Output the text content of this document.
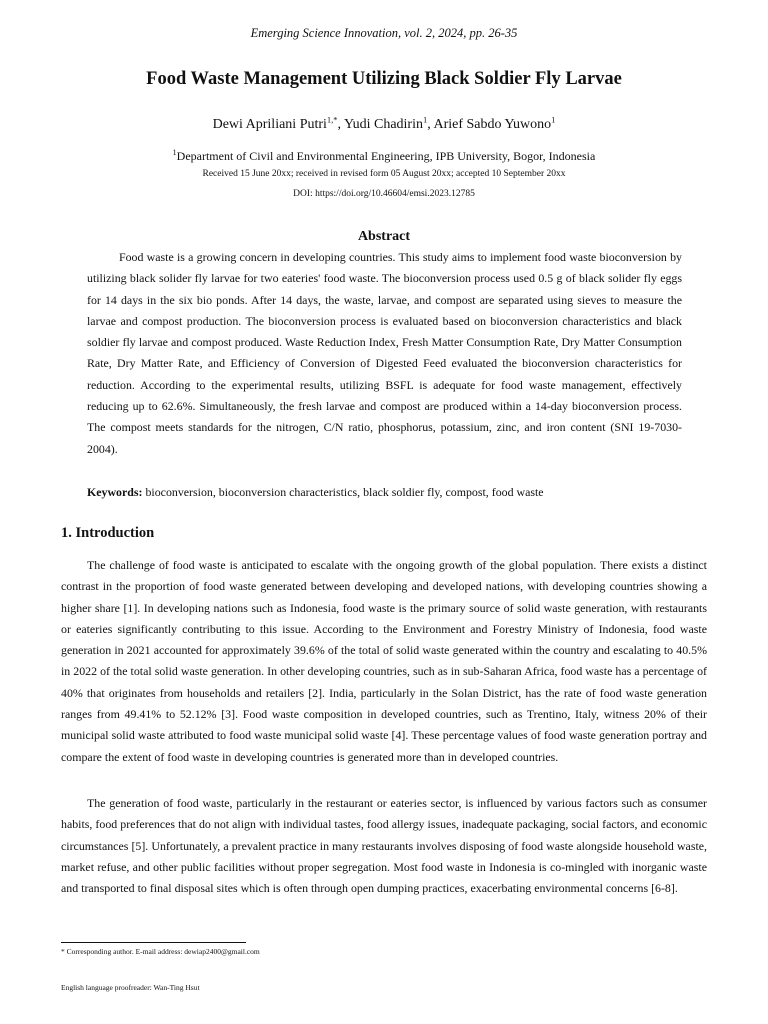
Emerging Science Innovation, vol. 2, 2024, pp. 26-35
Food Waste Management Utilizing Black Soldier Fly Larvae
Dewi Apriliani Putri$^{1,*}$, Yudi Chadirin$^1$, Arief Sabdo Yuwono$^1$
$^1$Department of Civil and Environmental Engineering, IPB University, Bogor, Indonesia
Received 15 June 20xx; received in revised form 05 August 20xx; accepted 10 September 20xx
DOI: https://doi.org/10.46604/emsi.2023.12785
Abstract

Food waste is a growing concern in developing countries. This study aims to implement food waste bioconversion by utilizing black solider fly larvae for two eateries' food waste. The bioconversion process used 0.5 g of black solider fly eggs for 14 days in the six bio ponds. After 14 days, the waste, larvae, and compost are separated using sieves to measure the larvae and compost production. The bioconversion process is evaluated based on bioconversion characteristics and black soldier fly larvae and compost produced. Waste Reduction Index, Fresh Matter Consumption Rate, Dry Matter Consumption Rate, Dry Matter Rate, and Efficiency of Conversion of Digested Feed evaluated the bioconversion characteristics for reduction. According to the experimental results, utilizing BSFL is adequate for food waste management, effectively reducing up to 62.6%. Simultaneously, the fresh larvae and compost are produced within a 14-day bioconversion process. The compost meets standards for the nitrogen, C/N ratio, phosphorus, potassium, zinc, and iron content (SNI 19-7030-2004).

Keywords: bioconversion, bioconversion characteristics, black soldier fly, compost, food waste
1. Introduction

The challenge of food waste is anticipated to escalate with the ongoing growth of the global population. There exists a distinct contrast in the proportion of food waste generated between developing and developed nations, with developing countries showing a higher share [1]. In developing nations such as Indonesia, food waste is the primary source of solid waste generation, with restaurants or eateries significantly contributing to this issue. According to the Environment and Forestry Ministry of Indonesia, food waste generation in 2021 accounted for approximately 39.6% of the total of solid waste generated within the country and escalating to 40.5% in 2022 of the total solid waste generation. In other developing countries, such as in sub-Saharan Africa, food waste has a percentage of 40% that originates from households and retailers [2]. India, particularly in the Solan District, has the rate of food waste generation ranges from 49.41% to 52.12% [3]. Food waste composition in developed countries, such as Trentino, Italy, witness 20% of their municipal solid waste attributed to food waste municipal solid waste [4]. These percentage values of food waste generation portray and compare the extent of food waste in developing countries is generated more than in developed countries.

The generation of food waste, particularly in the restaurant or eateries sector, is influenced by various factors such as consumer habits, food preferences that do not align with individual tastes, food allergy issues, inadequate packaging, social factors, and economic circumstances [5]. Unfortunately, a prevalent practice in many restaurants involves disposing of food waste alongside household waste, market refuse, and other public facilities without proper segregation. Most food waste in Indonesia is co-mingled with inorganic waste and transported to final disposal sites which is often through open dumping practices, exacerbating environmental concerns [6-8].

* Corresponding author. E-mail address: dewiap2400@gmail.com
English language proofreader: Wan-Ting Hsut
